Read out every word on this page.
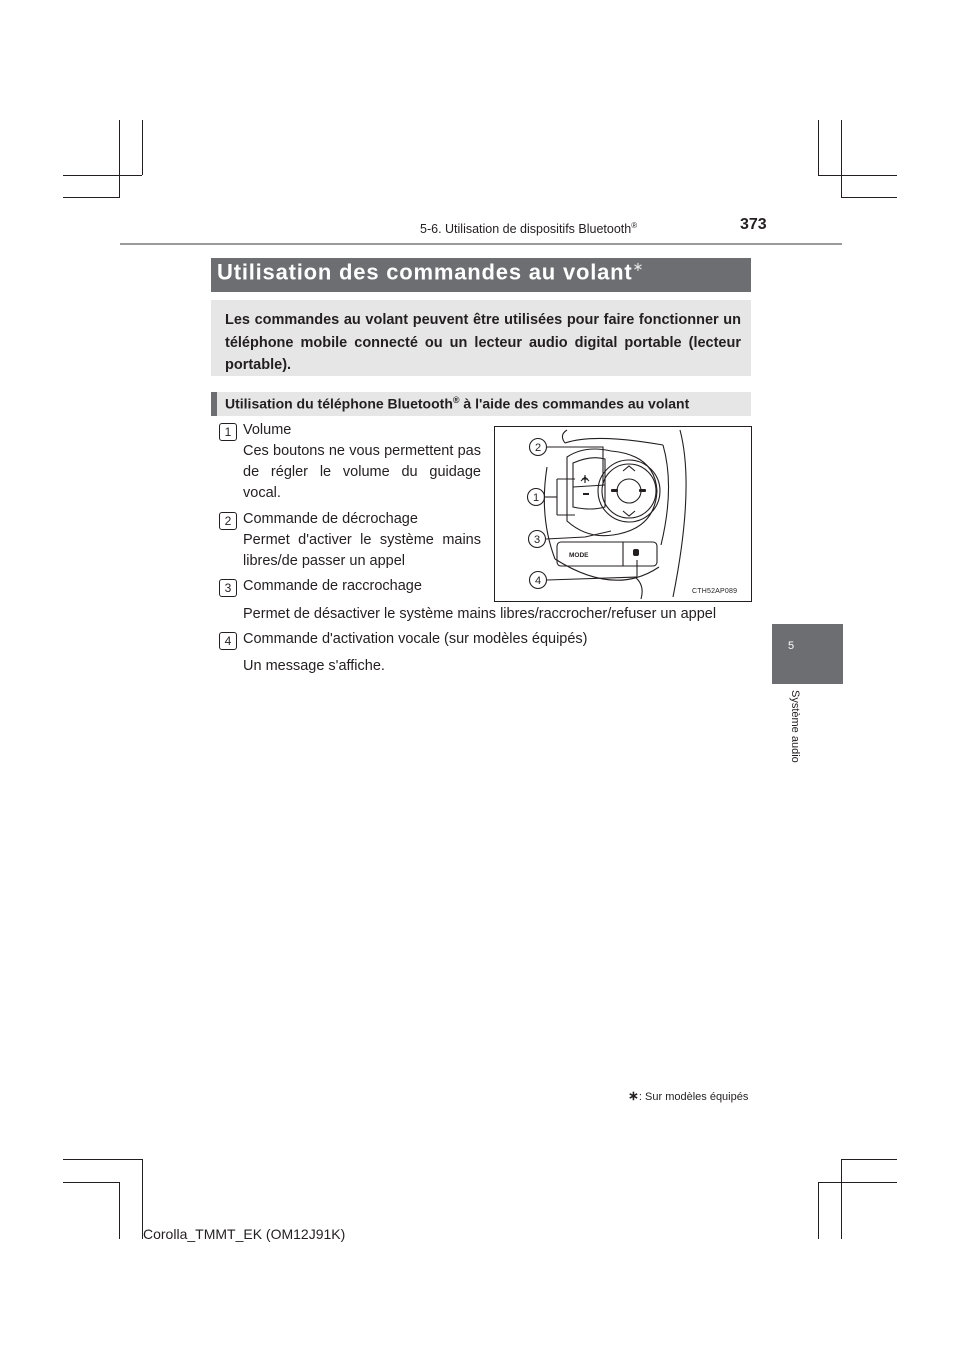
5-6. Utilisation de dispositifs Bluetooth®	373
5
Système audio
Utilisation des commandes au volant∗
Les commandes au volant peuvent être utilisées pour faire fonctionner un téléphone mobile connecté ou un lecteur audio digital portable (lecteur portable).
Utilisation du téléphone Bluetooth® à l'aide des commandes au volant
1 Volume
Ces boutons ne vous permettent pas de régler le volume du guidage vocal.
2 Commande de décrochage
Permet d'activer le système mains libres/de passer un appel
3 Commande de raccrochage
Permet de désactiver le système mains libres/raccrocher/refuser un appel
4 Commande d'activation vocale (sur modèles équipés)
Un message s'affiche.
MODE
2
1
3
4
CTH52AP089
∗: Sur modèles équipés
Corolla_TMMT_EK (OM12J91K)
